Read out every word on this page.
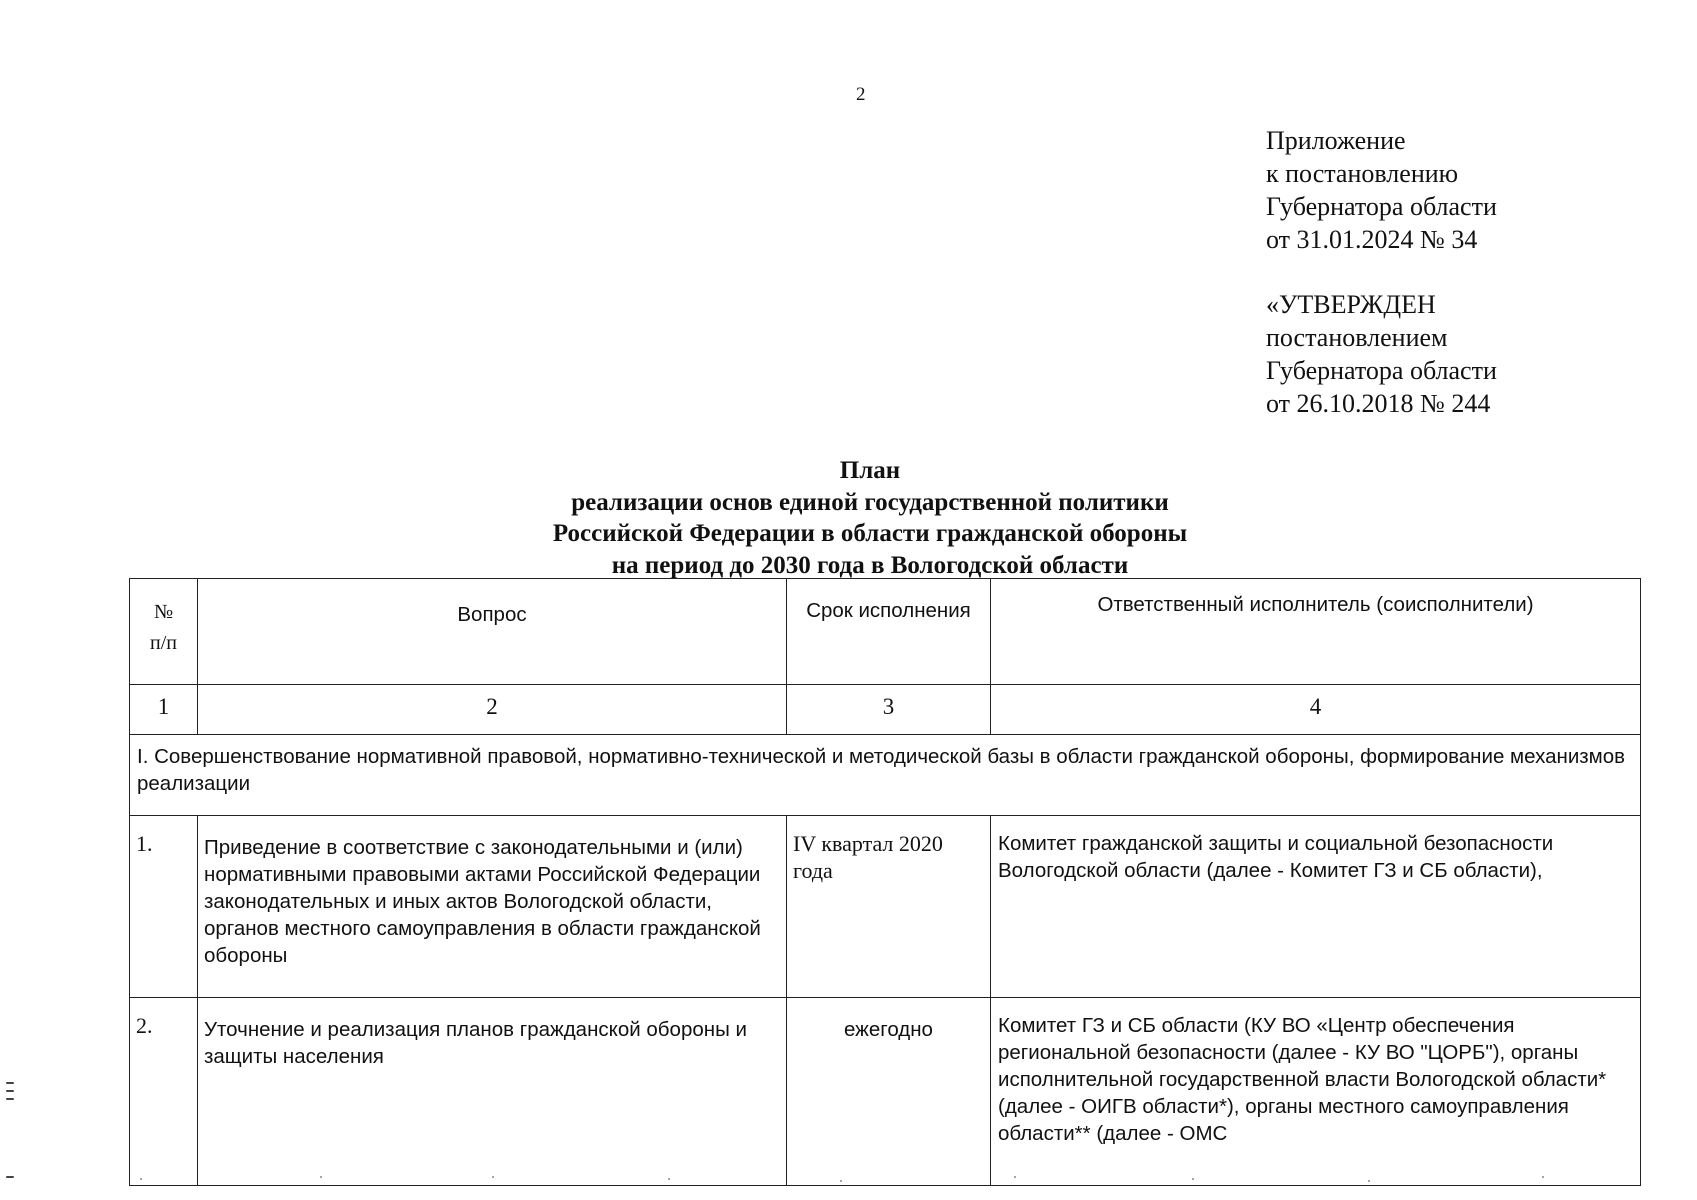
2
Приложение
к постановлению
Губернатора области
от 31.01.2024 № 34
«УТВЕРЖДЕН
постановлением
Губернатора области
от 26.10.2018 № 244
План
реализации основ единой государственной политики
Российской Федерации в области гражданской обороны
на период до 2030 года в Вологодской области
№
п/п	Вопрос	Срок исполнения	Ответственный исполнитель (соисполнители)
1	2	3	4
I. Совершенствование нормативной правовой, нормативно-технической и методической базы в области гражданской обороны, формирование механизмов реализации			
1.	Приведение в соответствие с законодательными и (или) нормативными правовыми актами Российской Федерации законодательных и иных актов Вологодской области, органов местного самоуправления в области гражданской обороны	IV квартал 2020 года	Комитет гражданской защиты и социальной безопасности Вологодской области (далее - Комитет ГЗ и СБ области),
2.	Уточнение и реализация планов гражданской обороны и защиты населения	ежегодно	Комитет ГЗ и СБ области (КУ ВО «Центр обеспечения региональной безопасности (далее - КУ ВО "ЦОРБ"), органы исполнительной государственной власти Вологодской области* (далее - ОИГВ области*), органы местного самоуправления области** (далее - ОМС
